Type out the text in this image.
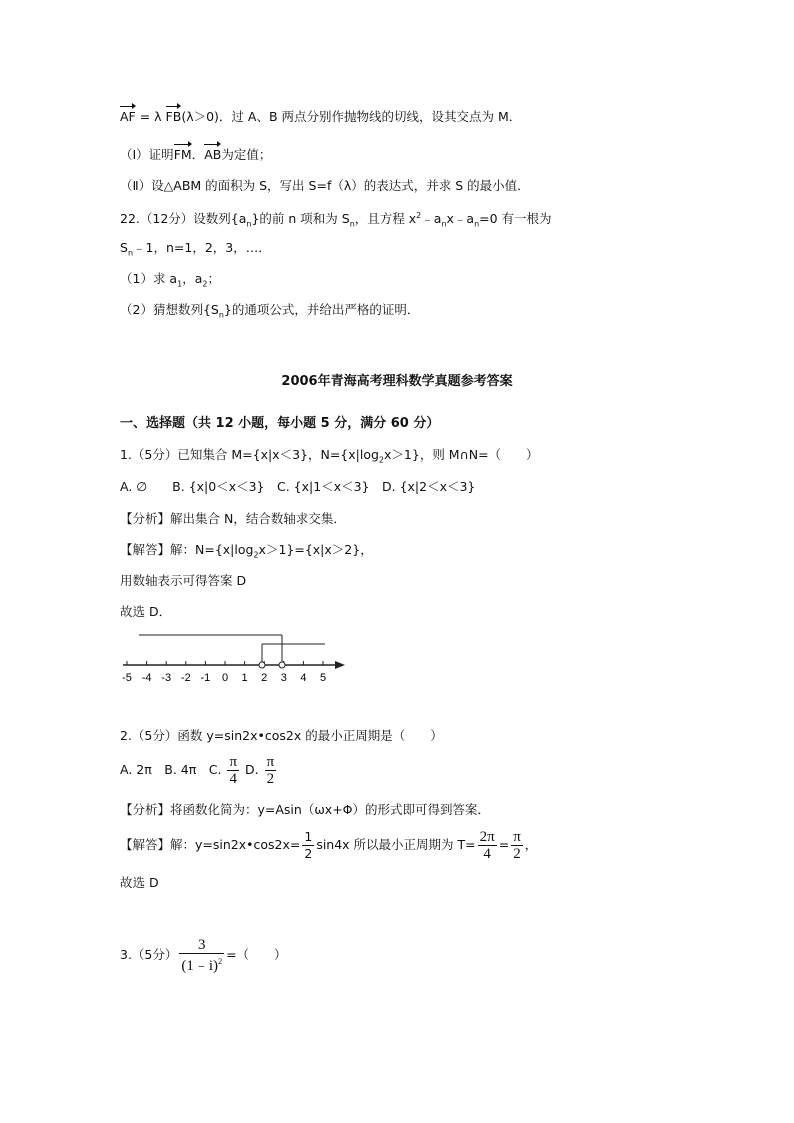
AF = λ FB(λ＞0)．过 A、B 两点分别作抛物线的切线，设其交点为 M．
（Ⅰ）证明FM．AB为定值；
（Ⅱ）设△ABM 的面积为 S，写出 S=f（λ）的表达式，并求 S 的最小值．
22.（12分）设数列$\{a_n\}$的前 n 项和为 $S_n$，且方程 $x^2﹣a_nx﹣a_n=0$ 有一根为
$S_n﹣1$，n=1，2，3，…．
（1）求 $a_1$，$a_2$；
（2）猜想数列$\{S_n\}$的通项公式，并给出严格的证明．
2006年青海高考理科数学真题参考答案
一、选择题（共 12 小题，每小题 5 分，满分 60 分）
1.（5分）已知集合 M={x|x＜3}，$N=\{x|\log_2x>1\}$，则 M∩N=（　　）
A. ∅　　B. {x|0＜x＜3}　C. {x|1＜x＜3}　D. {x|2＜x＜3}
【分析】解出集合 N，结合数轴求交集．
【解答】解：$N=\{x|\log_2x>1\}=\{x|x>2\}$，
用数轴表示可得答案 D
故选 D．
-5 -4 -3 -2 -1 0 1 2 3 4 5
2.（5分）函数 y=sin2x•cos2x 的最小正周期是（　　）
A. 2π　B. 4π　C. $\frac{\pi}{4} D$. $\frac{\pi}{2}$
【分析】将函数化简为：y=Asin（ωx+Φ）的形式即可得到答案．
【解答】解：y=sin2x•cos2x= $\frac{1}{2} \sin 4x$ 所以最小正周期为 $T= \frac{2\pi}{4} = \frac{\pi}{2}$ ，
故选 D
3.（5分） $\frac{3}{(1﹣i)^2}$ =（　　）
